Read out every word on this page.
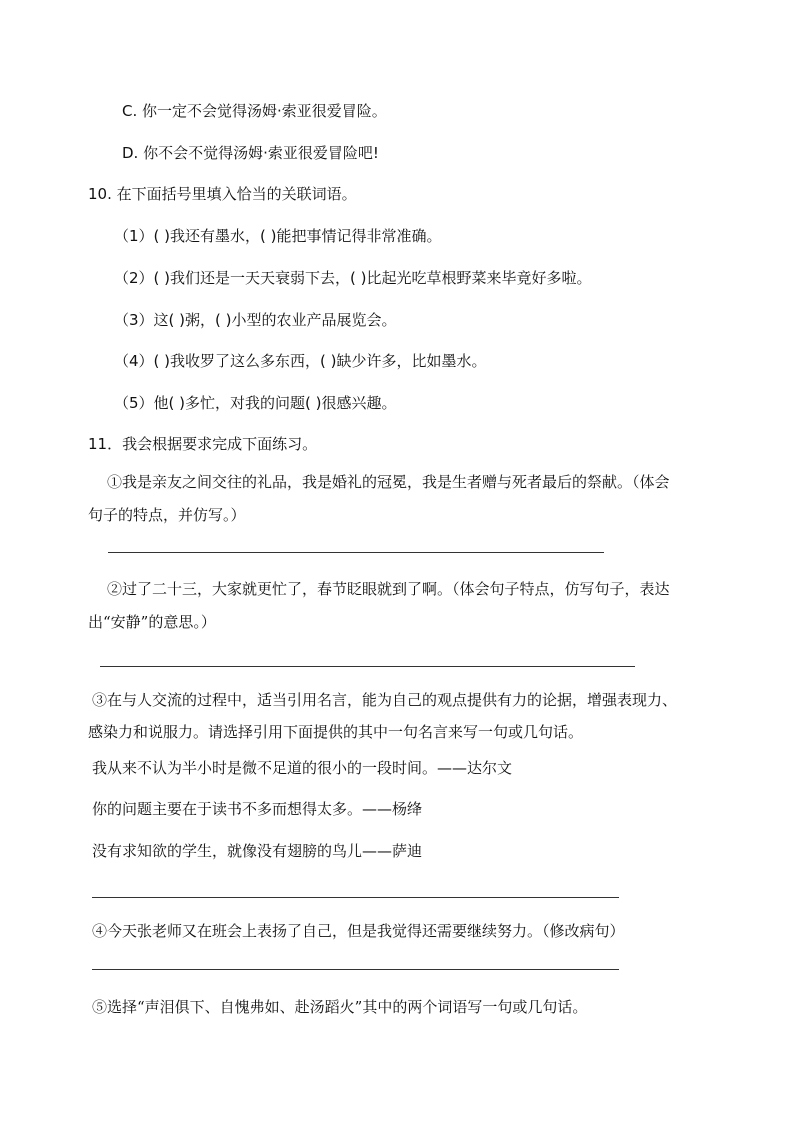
C. 你一定不会觉得汤姆·索亚很爱冒险。
D. 你不会不觉得汤姆·索亚很爱冒险吧!
10. 在下面括号里填入恰当的关联词语。
（1）( )我还有墨水，( )能把事情记得非常准确。
（2）( )我们还是一天天衰弱下去，( )比起光吃草根野菜来毕竟好多啦。
（3）这( )粥，( )小型的农业产品展览会。
（4）( )我收罗了这么多东西，( )缺少许多，比如墨水。
（5）他( )多忙，对我的问题( )很感兴趣。
11．我会根据要求完成下面练习。
①我是亲友之间交往的礼品，我是婚礼的冠冕，我是生者赠与死者最后的祭献。（体会
句子的特点，并仿写。）
②过了二十三，大家就更忙了，春节眨眼就到了啊。（体会句子特点，仿写句子，表达
出“安静”的意思。）
③在与人交流的过程中，适当引用名言，能为自己的观点提供有力的论据，增强表现力、
感染力和说服力。请选择引用下面提供的其中一句名言来写一句或几句话。
我从来不认为半小时是微不足道的很小的一段时间。——达尔文
你的问题主要在于读书不多而想得太多。——杨绛
没有求知欲的学生，就像没有翅膀的鸟儿——萨迪
④今天张老师又在班会上表扬了自己，但是我觉得还需要继续努力。（修改病句）
⑤选择“声泪俱下、自愧弗如、赴汤蹈火”其中的两个词语写一句或几句话。
